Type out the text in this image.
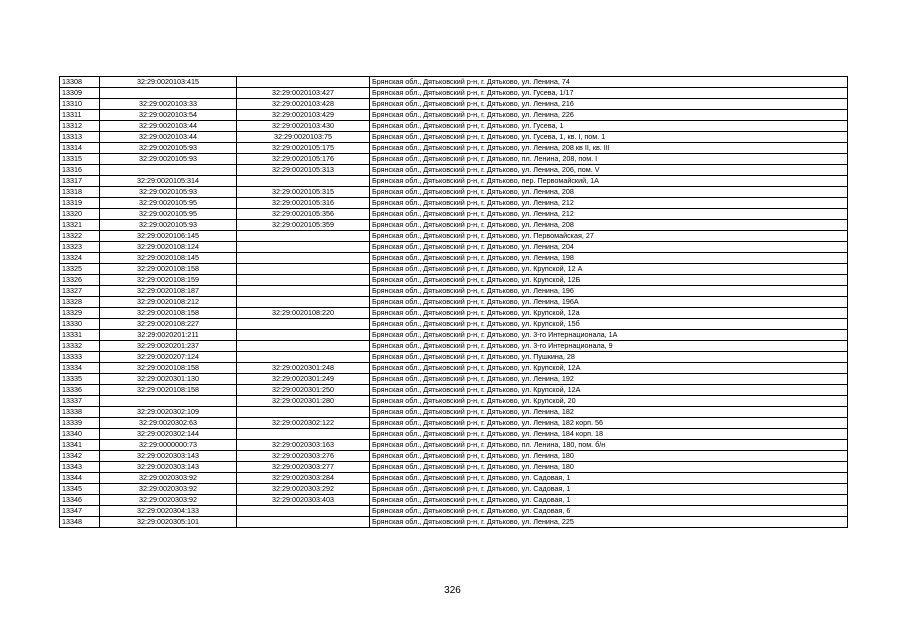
13308	32:29:0020103:415		Брянская обл., Дятьковский р-н, г. Дятьково, ул. Ленина, 74
13309		32:29:0020103:427	Брянская обл., Дятьковский р-н, г. Дятьково, ул. Гусева, 1/17
13310	32:29:0020103:33	32:29:0020103:428	Брянская обл., Дятьковский р-н, г. Дятьково, ул. Ленина, 216
13311	32:29:0020103:54	32:29:0020103:429	Брянская обл., Дятьковский р-н, г. Дятьково, ул. Ленина, 226
13312	32:29:0020103:44	32:29:0020103:430	Брянская обл., Дятьковский р-н, г. Дятьково, ул. Гусева, 1
13313	32:29:0020103:44	32:29:0020103:75	Брянская обл., Дятьковский р-н, г. Дятьково, ул. Гусева, 1, кв. I, пом. 1
13314	32:29:0020105:93	32:29:0020105:175	Брянская обл., Дятьковский р-н, г. Дятьково, ул. Ленина, 208 кв II, кв. III
13315	32:29:0020105:93	32:29:0020105:176	Брянская обл., Дятьковский р-н, г. Дятьково, пл. Ленина, 208, пом. I
13316		32:29:0020105:313	Брянская обл., Дятьковский р-н, г. Дятьково, ул. Ленина, 206, пом. V
13317	32:29:0020105:314		Брянская обл., Дятьковский р-н, г. Дятьково, пер. Первомайский, 1А
13318	32:29:0020105:93	32:29:0020105:315	Брянская обл., Дятьковский р-н, г. Дятьково, ул. Ленина, 208
13319	32:29:0020105:95	32:29:0020105:316	Брянская обл., Дятьковский р-н, г. Дятьково, ул. Ленина, 212
13320	32:29:0020105:95	32:29:0020105:356	Брянская обл., Дятьковский р-н, г. Дятьково, ул. Ленина, 212
13321	32:29:0020105:93	32:29:0020105:359	Брянская обл., Дятьковский р-н, г. Дятьково, ул. Ленина, 208
13322	32:29:0020106:145		Брянская обл., Дятьковский р-н, г. Дятьково, ул. Первомайская, 27
13323	32:29:0020108:124		Брянская обл., Дятьковский р-н, г. Дятьково, ул. Ленина, 204
13324	32:29:0020108:145		Брянская обл., Дятьковский р-н, г. Дятьково, ул. Ленина, 198
13325	32:29:0020108:158		Брянская обл., Дятьковский р-н, г. Дятьково, ул. Крупской, 12 А
13326	32:29:0020108:159		Брянская обл., Дятьковский р-н, г. Дятьково, ул. Крупской, 12Б
13327	32:29:0020108:187		Брянская обл., Дятьковский р-н, г. Дятьково, ул. Ленина, 196
13328	32:29:0020108:212		Брянская обл., Дятьковский р-н, г. Дятьково, ул. Ленина, 196А
13329	32:29:0020108:158	32:29:0020108:220	Брянская обл., Дятьковский р-н, г. Дятьково, ул. Крупской, 12а
13330	32:29:0020108:227		Брянская обл., Дятьковский р-н, г. Дятьково, ул. Крупской, 15б
13331	32:29:0020201:211		Брянская обл., Дятьковский р-н, г. Дятьково, ул. 3-го Интернационала, 1А
13332	32:29:0020201:237		Брянская обл., Дятьковский р-н, г. Дятьково, ул. 3-го Интернационала, 9
13333	32:29:0020207:124		Брянская обл., Дятьковский р-н, г. Дятьково, ул. Пушкина, 28
13334	32:29:0020108:158	32:29:0020301:248	Брянская обл., Дятьковский р-н, г. Дятьково, ул. Крупской, 12А
13335	32:29:0020301:130	32:29:0020301:249	Брянская обл., Дятьковский р-н, г. Дятьково, ул. Ленина, 192
13336	32:29:0020108:158	32:29:0020301:250	Брянская обл., Дятьковский р-н, г. Дятьково, ул. Крупской, 12А
13337		32:29:0020301:280	Брянская обл., Дятьковский р-н, г. Дятьково, ул. Крупской, 20
13338	32:29:0020302:109		Брянская обл., Дятьковский р-н, г. Дятьково, ул. Ленина, 182
13339	32:29:0020302:63	32:29:0020302:122	Брянская обл., Дятьковский р-н, г. Дятьково, ул. Ленина, 182 корп. 56
13340	32:29:0020302:144		Брянская обл., Дятьковский р-н, г. Дятьково, ул. Ленина, 184 корп. 18
13341	32:29:0000000:73	32:29:0020303:163	Брянская обл., Дятьковский р-н, г. Дятьково, пл. Ленина, 180, пом. б/н
13342	32:29:0020303:143	32:29:0020303:276	Брянская обл., Дятьковский р-н, г. Дятьково, ул. Ленина, 180
13343	32:29:0020303:143	32:29:0020303:277	Брянская обл., Дятьковский р-н, г. Дятьково, ул. Ленина, 180
13344	32:29:0020303:92	32:29:0020303:284	Брянская обл., Дятьковский р-н, г. Дятьково, ул. Садовая, 1
13345	32:29:0020303:92	32:29:0020303:292	Брянская обл., Дятьковский р-н, г. Дятьково, ул. Садовая, 1
13346	32:29:0020303:92	32:29:0020303:403	Брянская обл., Дятьковский р-н, г. Дятьково, ул. Садовая, 1
13347	32:29:0020304:133		Брянская обл., Дятьковский р-н, г. Дятьково, ул. Садовая, 6
13348	32:29:0020305:101		Брянская обл., Дятьковский р-н, г. Дятьково, ул. Ленина, 225
326
